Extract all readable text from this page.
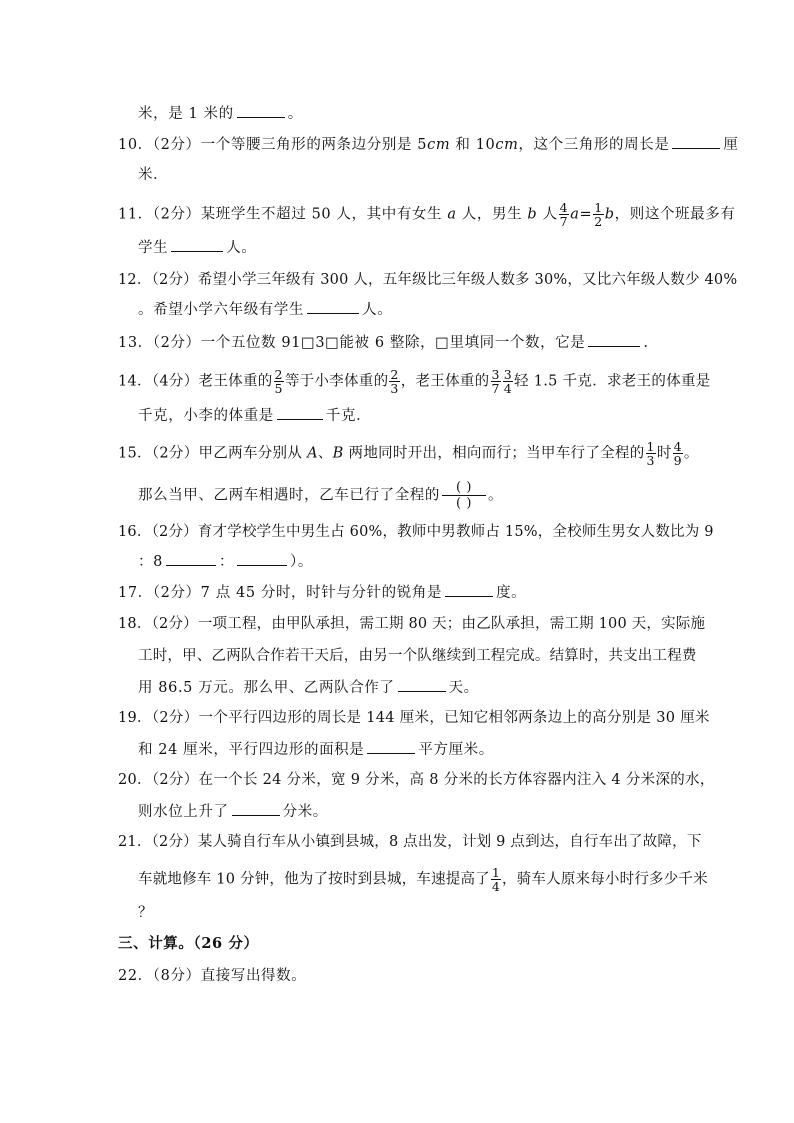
米，是 1 米的	。
10．（2分）一个等腰三角形的两条边分别是 5cm 和 10cm，这个三角形的周长是	厘
米．
11．（2分）某班学生不超过 50 人，其中有女生 a 人，男生 b 人 $\frac{4}{7} a= \frac{1}{2}$ b，则这个班最多有
学生	人。
12．（2分）希望小学三年级有 300 人，五年级比三年级人数多 30%，又比六年级人数少 40%
。希望小学六年级有学生	人。
13．（2分）一个五位数 91□3□能被 6 整除，□里填同一个数，它是	.
14．（4分）老王体重的 $\frac{2}{5}$ 等于小李体重的 $\frac{2}{3}$ ，老王体重的 $\frac{3}{7} \frac{3}{4}$ 轻 1.5 千克．求老王的体重是
千克，小李的体重是	千克．
15．（2分）甲乙两车分别从 A、B 两地同时开出，相向而行；当甲车行了全程的 $\frac{1}{3}$ 时 $\frac{4}{9}$ 。
那么当甲、乙两车相遇时，乙车已行了全程的	( )
( )	。
16．（2分）育才学校学生中男生占 60%，教师中男教师占 15%，全校师生男女人数比为 9
：8	：	）。
17．（2分）7 点 45 分时，时针与分针的锐角是	度。
18．（2分）一项工程，由甲队承担，需工期 80 天；由乙队承担，需工期 100 天，实际施
工时，甲、乙两队合作若干天后，由另一个队继续到工程完成。结算时，共支出工程费
用 86.5 万元。那么甲、乙两队合作了	天。
19．（2分）一个平行四边形的周长是 144 厘米，已知它相邻两条边上的高分别是 30 厘米
和 24 厘米，平行四边形的面积是	平方厘米。
20．（2分）在一个长 24 分米，宽 9 分米，高 8 分米的长方体容器内注入 4 分米深的水，
则水位上升了	分米。
21．（2分）某人骑自行车从小镇到县城，8 点出发，计划 9 点到达，自行车出了故障，下
车就地修车 10 分钟，他为了按时到县城，车速提高了 $\frac{1}{4}$ ，骑车人原来每小时行多少千米
？
三、计算。（26 分）
22．（8分）直接写出得数。
